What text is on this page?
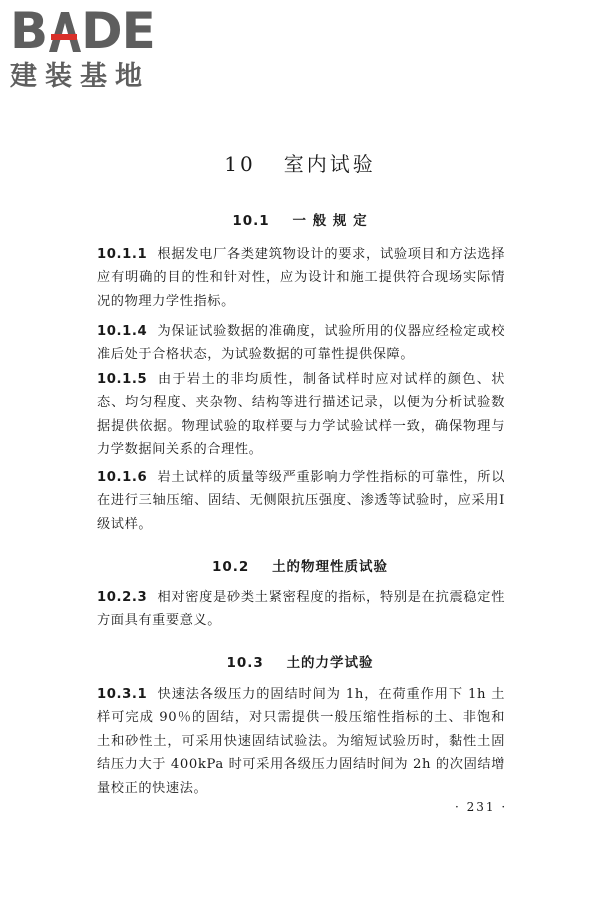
B DE
建装基地
10 室内试验
10.1 一 般 规 定
10.1.1 根据发电厂各类建筑物设计的要求，试验项目和方法选择应有明确的目的性和针对性，应为设计和施工提供符合现场实际情况的物理力学性指标。
10.1.4 为保证试验数据的准确度，试验所用的仪器应经检定或校准后处于合格状态，为试验数据的可靠性提供保障。
10.1.5 由于岩土的非均质性，制备试样时应对试样的颜色、状态、均匀程度、夹杂物、结构等进行描述记录，以便为分析试验数据提供依据。物理试验的取样要与力学试验试样一致，确保物理与力学数据间关系的合理性。
10.1.6 岩土试样的质量等级严重影响力学性指标的可靠性，所以在进行三轴压缩、固结、无侧限抗压强度、渗透等试验时，应采用Ⅰ级试样。
10.2 土的物理性质试验
10.2.3 相对密度是砂类土紧密程度的指标，特别是在抗震稳定性方面具有重要意义。
10.3 土的力学试验
10.3.1 快速法各级压力的固结时间为 1h，在荷重作用下 1h 土样可完成 90％的固结，对只需提供一般压缩性指标的土、非饱和土和砂性土，可采用快速固结试验法。为缩短试验历时，黏性土固结压力大于 400kPa 时可采用各级压力固结时间为 2h 的次固结增量校正的快速法。
· 231 ·
